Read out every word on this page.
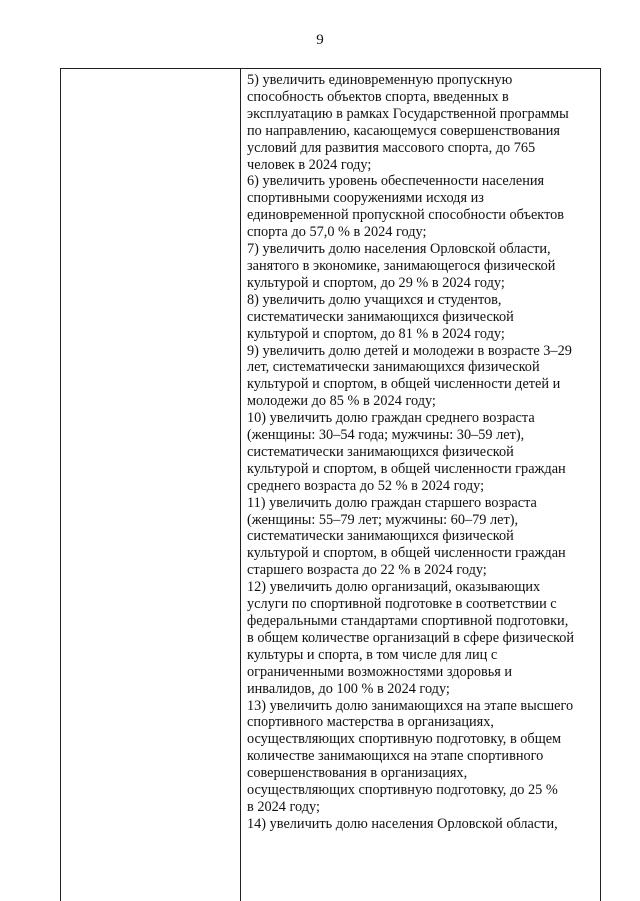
9
5) увеличить единовременную пропускную
способность объектов спорта, введенных в
эксплуатацию в рамках Государственной программы
по направлению, касающемуся совершенствования
условий для развития массового спорта, до 765
человек в 2024 году;
6) увеличить уровень обеспеченности населения
спортивными сооружениями исходя из
единовременной пропускной способности объектов
спорта до 57,0 % в 2024 году;
7) увеличить долю населения Орловской области,
занятого в экономике, занимающегося физической
культурой и спортом, до 29 % в 2024 году;
8) увеличить долю учащихся и студентов,
систематически занимающихся физической
культурой и спортом, до 81 % в 2024 году;
9) увеличить долю детей и молодежи в возрасте 3–29
лет, систематически занимающихся физической
культурой и спортом, в общей численности детей и
молодежи до 85 % в 2024 году;
10) увеличить долю граждан среднего возраста
(женщины: 30–54 года; мужчины: 30–59 лет),
систематически занимающихся физической
культурой и спортом, в общей численности граждан
среднего возраста до 52 % в 2024 году;
11) увеличить долю граждан старшего возраста
(женщины: 55–79 лет; мужчины: 60–79 лет),
систематически занимающихся физической
культурой и спортом, в общей численности граждан
старшего возраста до 22 % в 2024 году;
12) увеличить долю организаций, оказывающих
услуги по спортивной подготовке в соответствии с
федеральными стандартами спортивной подготовки,
в общем количестве организаций в сфере физической
культуры и спорта, в том числе для лиц с
ограниченными возможностями здоровья и
инвалидов, до 100 % в 2024 году;
13) увеличить долю занимающихся на этапе высшего
спортивного мастерства в организациях,
осуществляющих спортивную подготовку, в общем
количестве занимающихся на этапе спортивного
совершенствования в организациях,
осуществляющих спортивную подготовку, до 25 %
в 2024 году;
14) увеличить долю населения Орловской области,
